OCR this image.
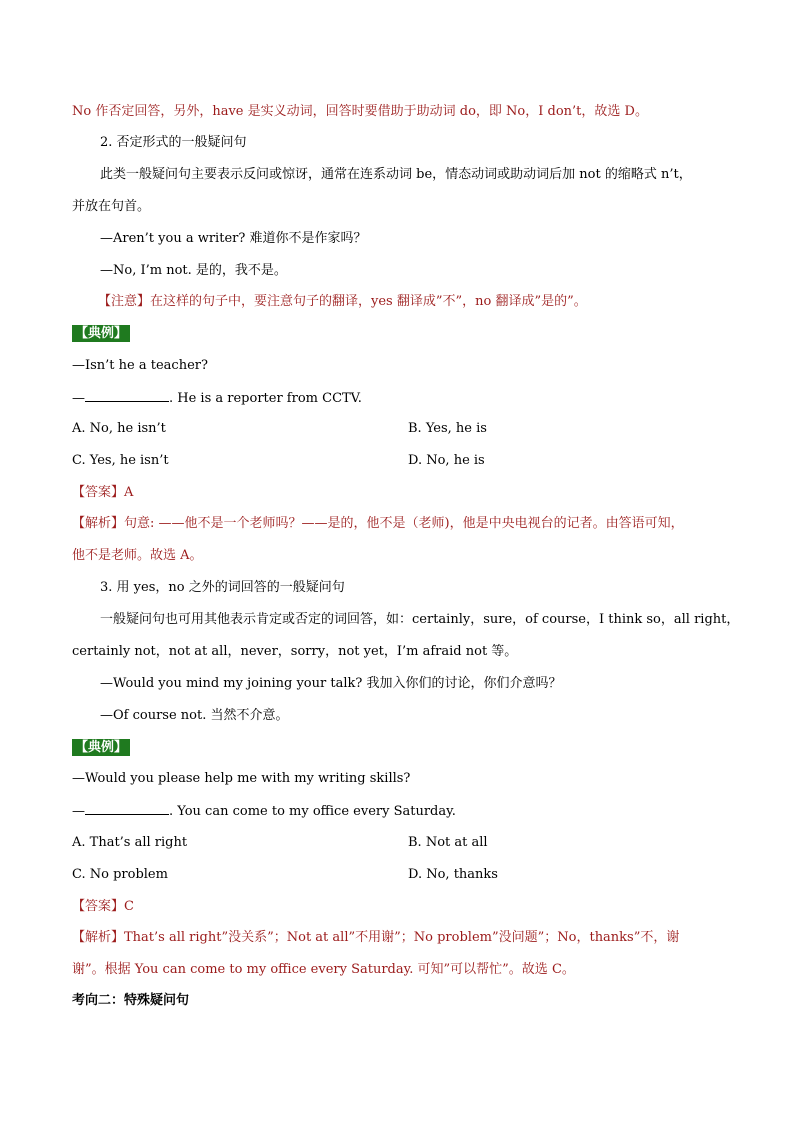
No 作否定回答，另外，have 是实义动词，回答时要借助于助动词 do，即 No，I don’t，故选 D。
2. 否定形式的一般疑问句
此类一般疑问句主要表示反问或惊讶，通常在连系动词 be，情态动词或助动词后加 not 的缩略式 n’t，
并放在句首。
—Aren’t you a writer? 难道你不是作家吗？
—No, I’m not. 是的，我不是。
【注意】在这样的句子中，要注意句子的翻译，yes 翻译成”不”，no 翻译成”是的”。
【典例】
—Isn’t he a teacher?
—	. He is a reporter from CCTV.
A. No, he isn’t	B. Yes, he is
C. Yes, he isn’t	D. No, he is
【答案】A
【解析】句意: ——他不是一个老师吗？——是的，他不是（老师)，他是中央电视台的记者。由答语可知，
他不是老师。故选 A。
3. 用 yes，no 之外的词回答的一般疑问句
一般疑问句也可用其他表示肯定或否定的词回答，如：certainly，sure，of course，I think so，all right，
certainly not，not at all，never，sorry，not yet，I’m afraid not 等。
—Would you mind my joining your talk? 我加入你们的讨论，你们介意吗？
—Of course not. 当然不介意。
【典例】
—Would you please help me with my writing skills?
—	. You can come to my office every Saturday.
A. That’s all right	B. Not at all
C. No problem	D. No, thanks
【答案】C
【解析】That’s all right”没关系”；Not at all”不用谢”；No problem”没问题”；No，thanks”不，谢
谢”。根据 You can come to my office every Saturday. 可知”可以帮忙”。故选 C。
考向二：特殊疑问句
